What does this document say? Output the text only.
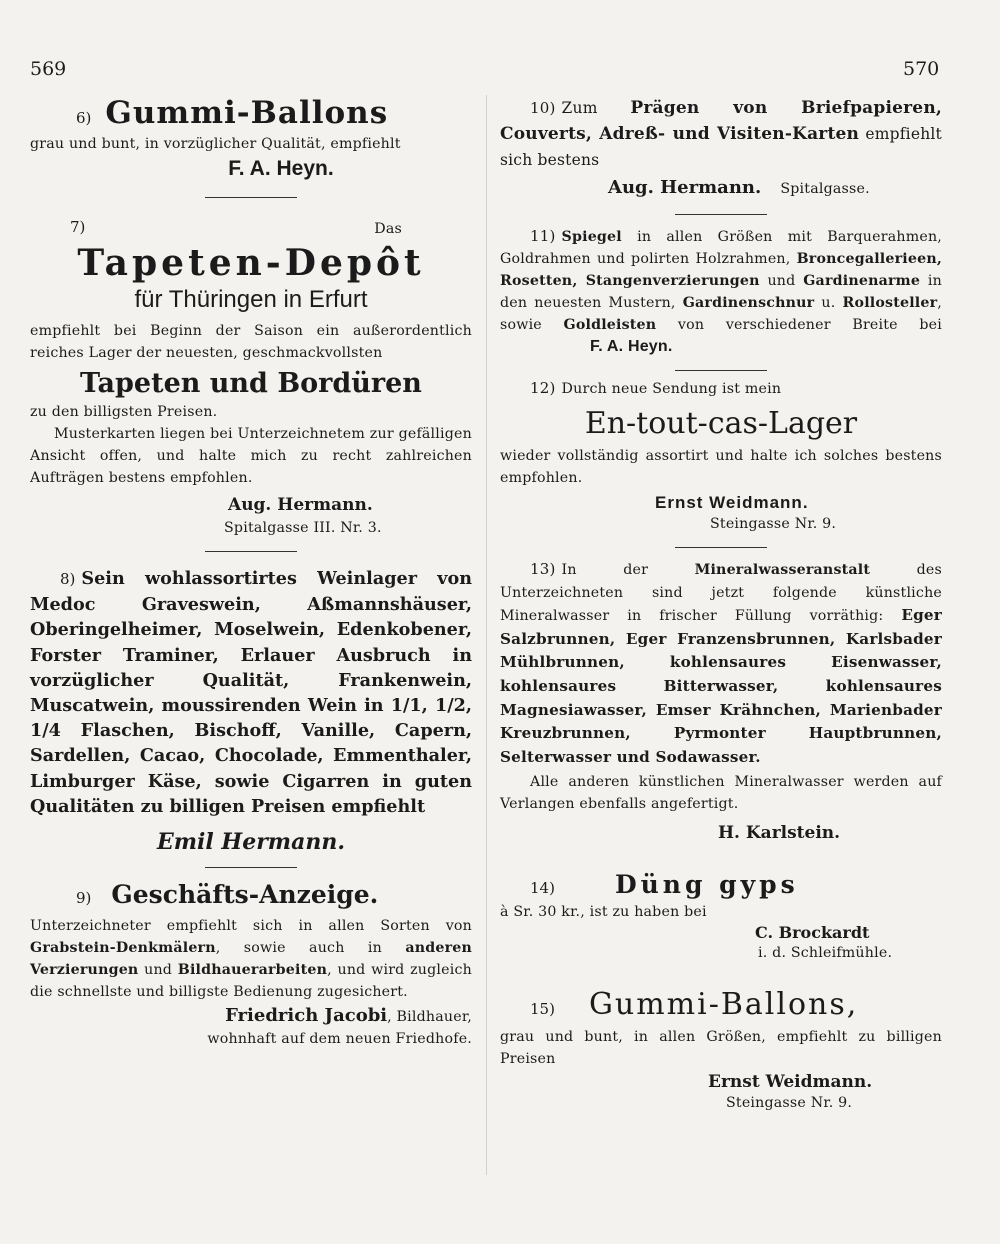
569	570
6) Gummi-Ballons
grau und bunt, in vorzüglicher Qualität, empfiehlt
F. A. Heyn.
7)	Das
Tapeten-Depôt
für Thüringen in Erfurt
empfiehlt bei Beginn der Saison ein außerordentlich reiches Lager der neuesten, geschmackvollsten
Tapeten und Bordüren
zu den billigsten Preisen.
Musterkarten liegen bei Unterzeichnetem zur gefälligen Ansicht offen, und halte mich zu recht zahlreichen Aufträgen bestens empfohlen.
Aug. Hermann.
Spitalgasse III. Nr. 3.
8) Sein wohlassortirtes Weinlager von Medoc Graveswein, Aßmannshäuser, Oberingelheimer, Moselwein, Edenkobener, Forster Traminer, Erlauer Ausbruch in vorzüglicher Qualität, Frankenwein, Muscatwein, moussirenden Wein in 1/1, 1/2, 1/4 Flaschen, Bischoff, Vanille, Capern, Sardellen, Cacao, Chocolade, Emmenthaler, Limburger Käse, sowie Cigarren in guten Qualitäten zu billigen Preisen empfiehlt
Emil Hermann.
9) Geschäfts-Anzeige.
Unterzeichneter empfiehlt sich in allen Sorten von Grabstein-Denkmälern, sowie auch in anderen Verzierungen und Bildhauerarbeiten, und wird zugleich die schnellste und billigste Bedienung zugesichert.
Friedrich Jacobi, Bildhauer,
wohnhaft auf dem neuen Friedhofe.
10) Zum Prägen von Briefpapieren, Couverts, Adreß- und Visiten-Karten empfiehlt sich bestens
Aug. Hermann. Spitalgasse.
11) Spiegel in allen Größen mit Barquerahmen, Goldrahmen und polirten Holzrahmen, Broncegallerieen, Rosetten, Stangenverzierungen und Gardinenarme in den neuesten Mustern, Gardinenschnur u. Rollosteller, sowie Goldleisten von verschiedener Breite bei F. A. Heyn.
12) Durch neue Sendung ist mein
En-tout-cas-Lager
wieder vollständig assortirt und halte ich solches bestens empfohlen.
Ernst Weidmann.
Steingasse Nr. 9.
13) In der Mineralwasseranstalt des Unterzeichneten sind jetzt folgende künstliche Mineralwasser in frischer Füllung vorräthig: Eger Salzbrunnen, Eger Franzensbrunnen, Karlsbader Mühlbrunnen, kohlensaures Eisenwasser, kohlensaures Bitterwasser, kohlensaures Magnesiawasser, Emser Krähnchen, Marienbader Kreuzbrunnen, Pyrmonter Hauptbrunnen, Selterwasser und Sodawasser.
Alle anderen künstlichen Mineralwasser werden auf Verlangen ebenfalls angefertigt.
H. Karlstein.
14) Düng gyps
à Sr. 30 kr., ist zu haben bei
C. Brockardt
i. d. Schleifmühle.
15) Gummi-Ballons,
grau und bunt, in allen Größen, empfiehlt zu billigen Preisen
Ernst Weidmann.
Steingasse Nr. 9.
